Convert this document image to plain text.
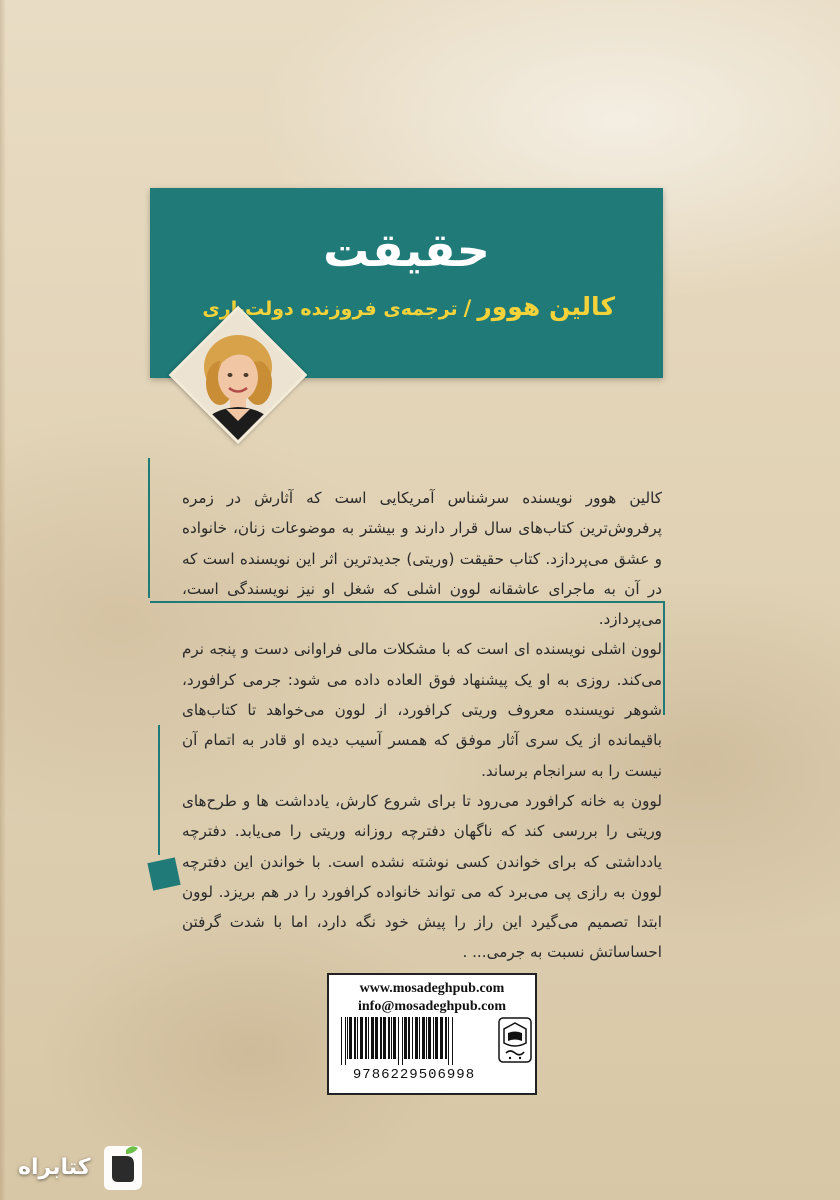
حقیقت
کالین هوور/ترجمه‌ی فروزنده دولت‌یاری

کالین هوور نویسنده سرشناس آمریکایی است که آثارش در زمره پرفروش‌ترین کتاب‌های سال قرار دارند و بیشتر به موضوعات زنان، خانواده و عشق می‌پردازد. کتاب حقیقت (وریتی) جدیدترین اثر این نویسنده است که در آن به ماجرای عاشقانه لوون اشلی که شغل او نیز نویسندگی است، می‌پردازد.

لوون اشلی نویسنده ای است که با مشکلات مالی فراوانی دست و پنجه نرم می‌کند. روزی به او یک پیشنهاد فوق العاده داده می شود: جرمی کرافورد، شوهر نویسنده معروف وریتی کرافورد، از لوون می‌خواهد تا کتاب‌های باقیمانده از یک سری آثار موفق که همسر آسیب دیده او قادر به اتمام آن نیست را به سرانجام برساند.

لوون به خانه کرافورد می‌رود تا برای شروع کارش، یادداشت ها و طرح‌های وریتی را بررسی کند که ناگهان دفترچه روزانه وریتی را می‌یابد. دفترچه یادداشتی که برای خواندن کسی نوشته نشده است. با خواندن این دفترچه لوون به رازی پی می‌برد که می تواند خانواده کرافورد را در هم بریزد. لوون ابتدا تصمیم می‌گیرد این راز را پیش خود نگه دارد، اما با شدت گرفتن احساساتش نسبت به جرمی... .

www.mosadeghpub.com
info@mosadeghpub.com
9786229506998
کتابراه
